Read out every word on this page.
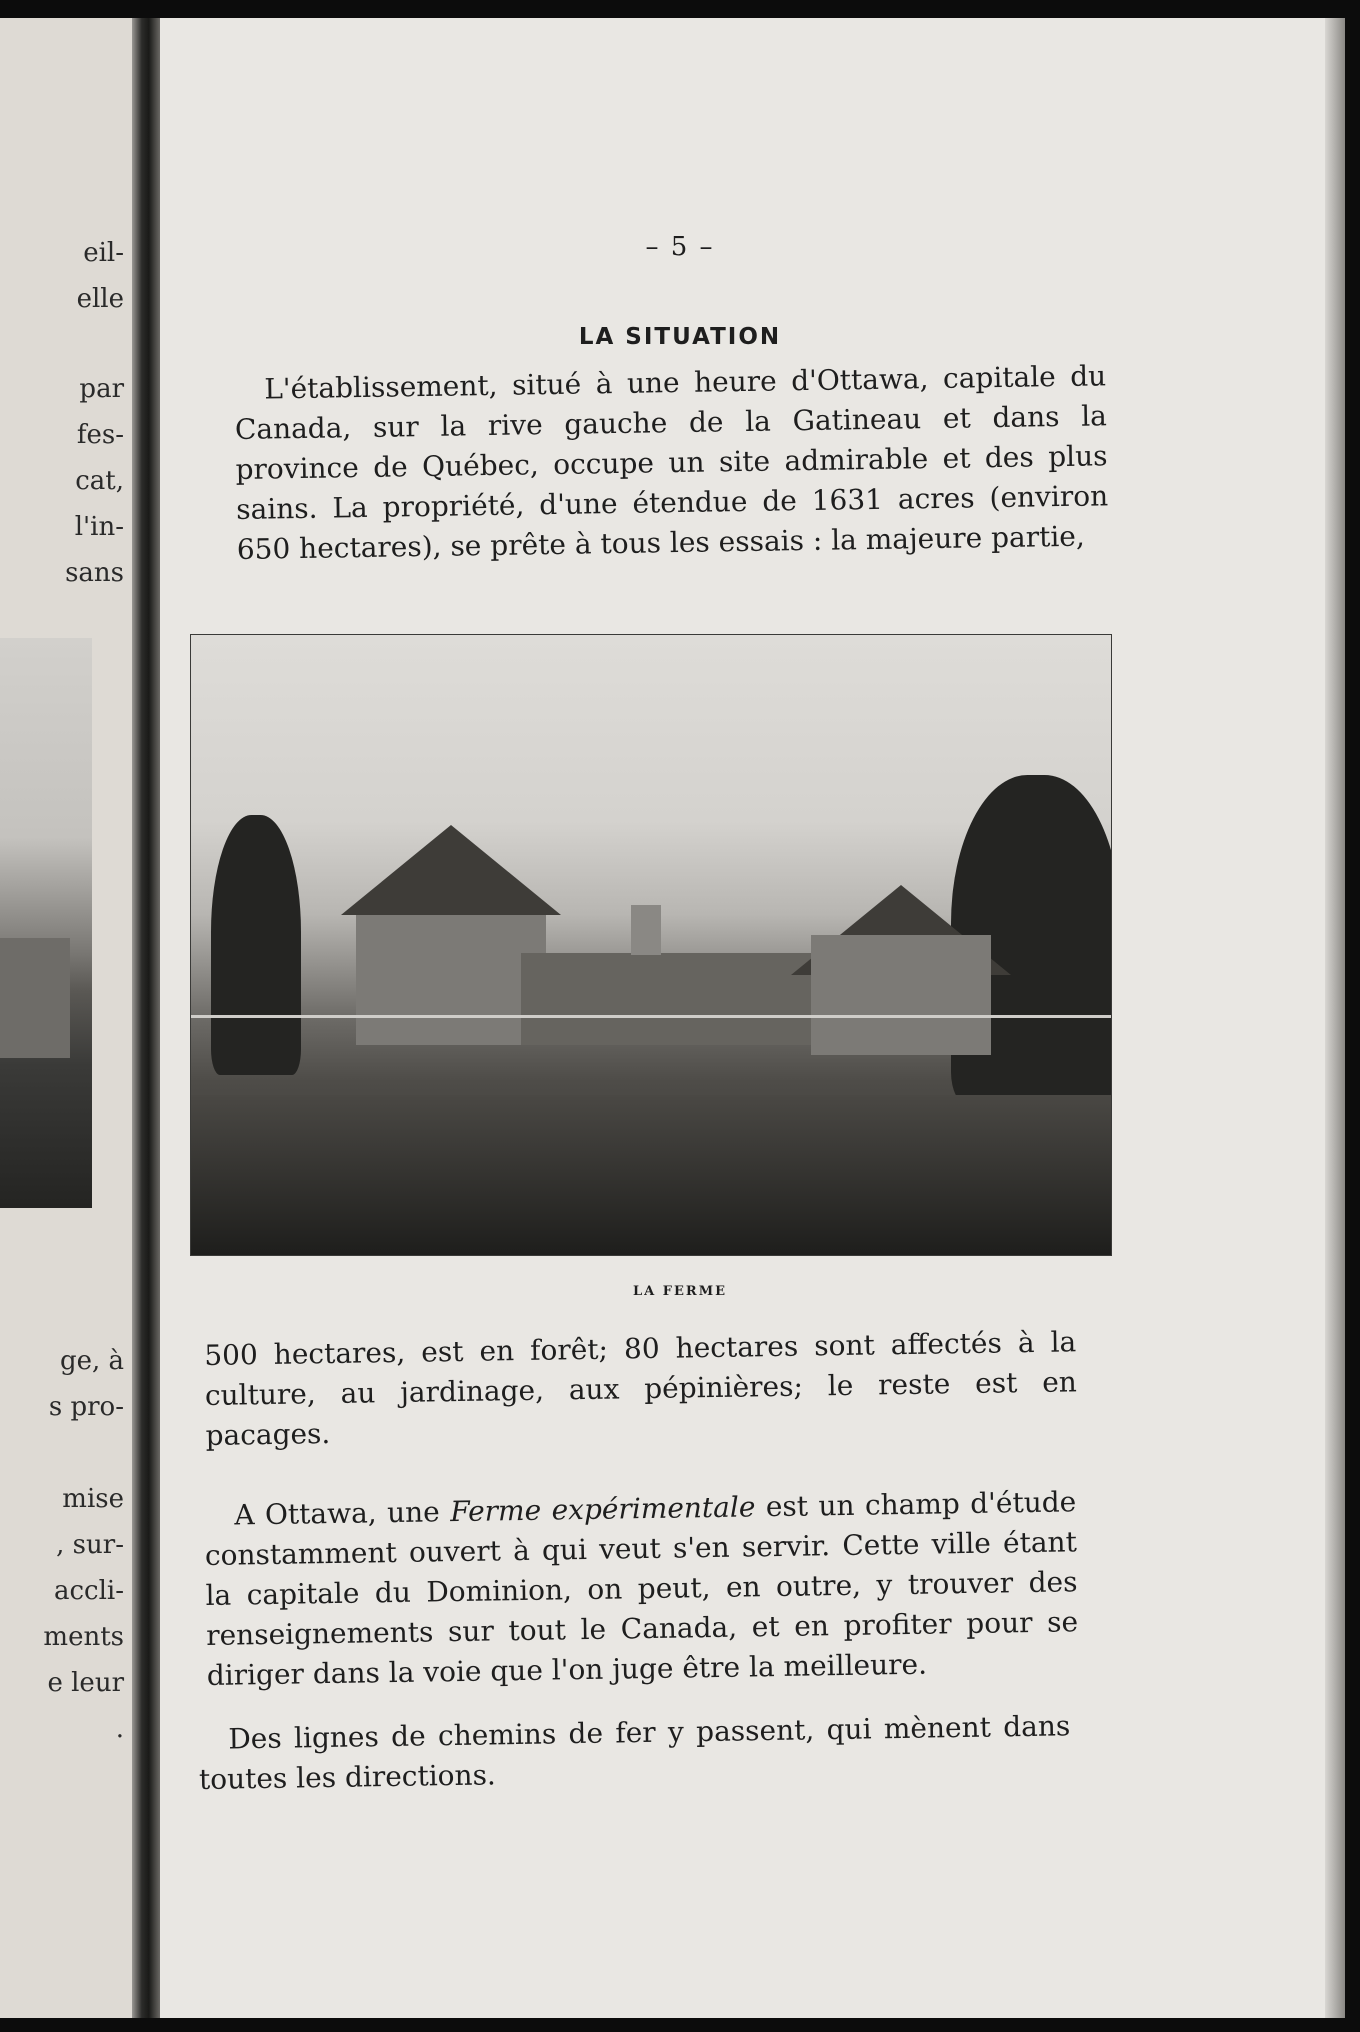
eil-
elle
par
fes-
cat,
l'in-
sans
ge, à
s pro-
mise
, sur-
accli-
ments
e leur
.
– 5 –
LA SITUATION

L'établissement, situé à une heure d'Ottawa, capitale du Canada, sur la rive gauche de la Gatineau et dans la province de Québec, occupe un site admirable et des plus sains. La propriété, d'une étendue de 1631 acres (environ 650 hectares), se prête à tous les essais : la majeure partie,

LA FERME

500 hectares, est en forêt; 80 hectares sont affectés à la culture, au jardinage, aux pépinières; le reste est en pacages.

A Ottawa, une Ferme expérimentale est un champ d'étude constamment ouvert à qui veut s'en servir. Cette ville étant la capitale du Dominion, on peut, en outre, y trouver des renseignements sur tout le Canada, et en profiter pour se diriger dans la voie que l'on juge être la meilleure.

Des lignes de chemins de fer y passent, qui mènent dans toutes les directions.
